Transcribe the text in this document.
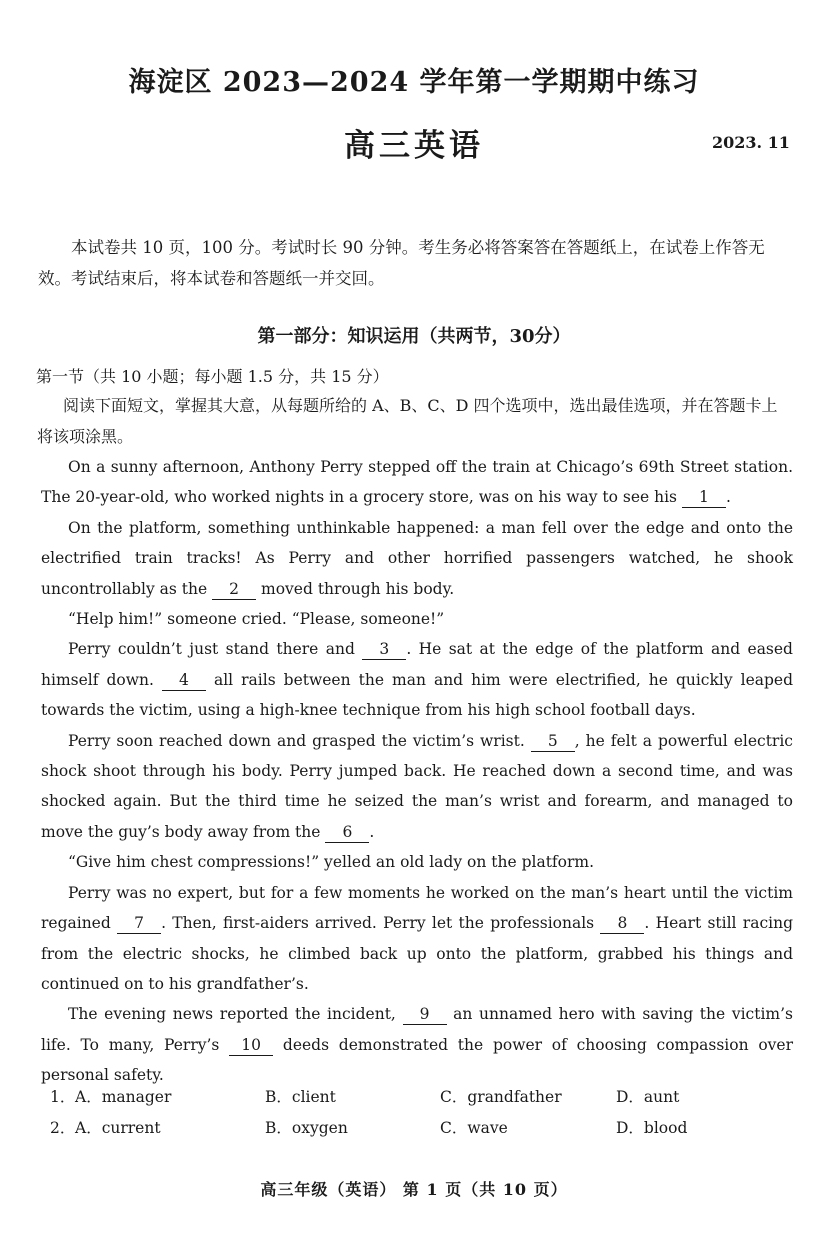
海淀区 2023—2024 学年第一学期期中练习
高三英语	2023. 11
本试卷共 10 页，100 分。考试时长 90 分钟。考生务必将答案答在答题纸上，在试卷上作答无效。考试结束后，将本试卷和答题纸一并交回。
第一部分：知识运用（共两节，30分）
第一节（共 10 小题；每小题 1.5 分，共 15 分）
阅读下面短文，掌握其大意，从每题所给的 A、B、C、D 四个选项中，选出最佳选项，并在答题卡上将该项涂黑。

On a sunny afternoon, Anthony Perry stepped off the train at Chicago’s 69th Street station. The 20-year-old, who worked nights in a grocery store, was on his way to see his 1 .

On the platform, something unthinkable happened: a man fell over the edge and onto the electrified train tracks! As Perry and other horrified passengers watched, he shook uncontrollably as the 2 moved through his body.

“Help him!” someone cried. “Please, someone!”

Perry couldn’t just stand there and 3 . He sat at the edge of the platform and eased himself down. 4 all rails between the man and him were electrified, he quickly leaped towards the victim, using a high-knee technique from his high school football days.

Perry soon reached down and grasped the victim’s wrist. 5 , he felt a powerful electric shock shoot through his body. Perry jumped back. He reached down a second time, and was shocked again. But the third time he seized the man’s wrist and forearm, and managed to move the guy’s body away from the 6 .

“Give him chest compressions!” yelled an old lady on the platform.

Perry was no expert, but for a few moments he worked on the man’s heart until the victim regained 7 . Then, first-aiders arrived. Perry let the professionals 8 . Heart still racing from the electric shocks, he climbed back up onto the platform, grabbed his things and continued on to his grandfather’s.

The evening news reported the incident, 9 an unnamed hero with saving the victim’s life. To many, Perry’s 10 deeds demonstrated the power of choosing compassion over personal safety.

1． A．manager	B．client	C．grandfather	D．aunt
2． A．current	B．oxygen	C．wave	D．blood
高三年级（英语） 第 1 页（共 10 页）
